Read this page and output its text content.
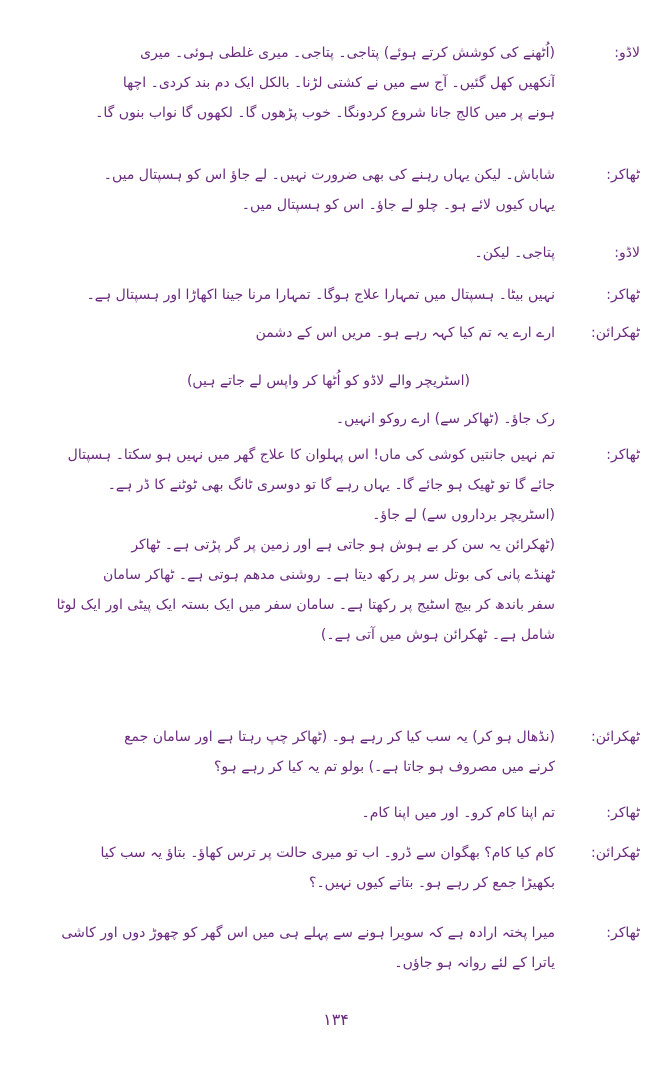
لاڈو:
(اُٹھنے کی کوشش کرتے ہوئے) پتاجی۔ پتاجی۔ میری غلطی ہوئی۔ میری
آنکھیں کھل گئیں۔ آج سے میں نے کشتی لڑنا۔ بالکل ایک دم بند کردی۔ اچھا
ہونے پر میں کالج جانا شروع کردونگا۔ خوب پڑھوں گا۔ لکھوں گا نواب بنوں گا۔
ٹھاکر:
شاباش۔ لیکن یہاں رہنے کی بھی ضرورت نہیں۔ لے جاؤ اس کو ہسپتال میں۔
یہاں کیوں لائے ہو۔ چلو لے جاؤ۔ اس کو ہسپتال میں۔
لاڈو:
پتاجی۔ لیکن۔
ٹھاکر:
نہیں بیٹا۔ ہسپتال میں تمہارا علاج ہوگا۔ تمہارا مرنا جینا اکھاڑا اور ہسپتال ہے۔
ٹھکرائن:
ارے ارے یہ تم کیا کہہ رہے ہو۔ مریں اس کے دشمن
(اسٹریچر والے لاڈو کو اُٹھا کر واپس لے جاتے ہیں)
رک جاؤ۔ (ٹھاکر سے) ارے روکو انہیں۔
ٹھاکر:
تم نہیں جانتیں کوشی کی ماں! اس پہلوان کا علاج گھر میں نہیں ہو سکتا۔ ہسپتال
جائے گا تو ٹھیک ہو جائے گا۔ یہاں رہے گا تو دوسری ٹانگ بھی ٹوٹنے کا ڈر ہے۔
(اسٹریچر برداروں سے) لے جاؤ۔
(ٹھکرائن یہ سن کر بے ہوش ہو جاتی ہے اور زمین پر گر پڑتی ہے۔ ٹھاکر
ٹھنڈے پانی کی بوتل سر پر رکھ دیتا ہے۔ روشنی مدھم ہوتی ہے۔ ٹھاکر سامان
سفر باندھ کر بیچ اسٹیج پر رکھتا ہے۔ سامان سفر میں ایک بستہ ایک پیٹی اور ایک لوٹا
شامل ہے۔ ٹھکرائن ہوش میں آتی ہے۔)
ٹھکرائن:
(نڈھال ہو کر) یہ سب کیا کر رہے ہو۔ (ٹھاکر چپ رہتا ہے اور سامان جمع
کرنے میں مصروف ہو جاتا ہے۔) بولو تم یہ کیا کر رہے ہو؟
ٹھاکر:
تم اپنا کام کرو۔ اور میں اپنا کام۔
ٹھکرائن:
کام کیا کام؟ بھگوان سے ڈرو۔ اب تو میری حالت پر ترس کھاؤ۔ بتاؤ یہ سب کیا
بکھیڑا جمع کر رہے ہو۔ بتاتے کیوں نہیں۔؟
ٹھاکر:
میرا پختہ ارادہ ہے کہ سویرا ہونے سے پہلے ہی میں اس گھر کو چھوڑ دوں اور کاشی
یاترا کے لئے روانہ ہو جاؤں۔
۱۳۴
